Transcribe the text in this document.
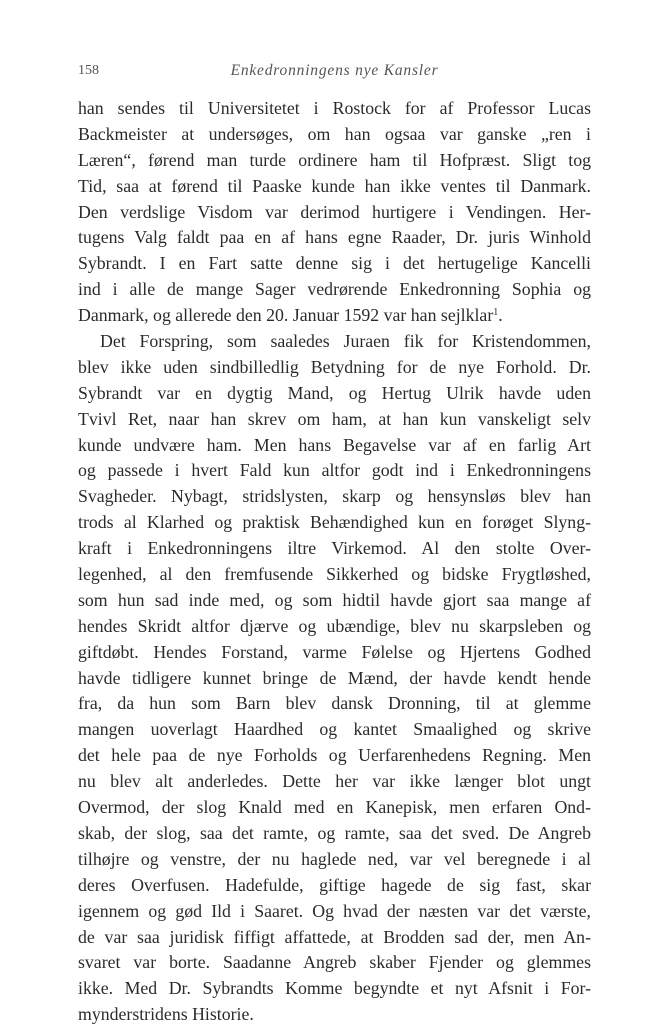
158	Enkedronningens nye Kansler
han sendes til Universitetet i Rostock for af Professor Lucas
Backmeister at undersøges, om han ogsaa var ganske „ren i
Læren“, førend man turde ordinere ham til Hofpræst. Sligt tog
Tid, saa at førend til Paaske kunde han ikke ventes til Danmark.
Den verdslige Visdom var derimod hurtigere i Vendingen. Her-
tugens Valg faldt paa en af hans egne Raader, Dr. juris Winhold
Sybrandt. I en Fart satte denne sig i det hertugelige Kancelli
ind i alle de mange Sager vedrørende Enkedronning Sophia og
Danmark, og allerede den 20. Januar 1592 var han sejlklar$^1$.
Det Forspring, som saaledes Juraen fik for Kristendommen,
blev ikke uden sindbilledlig Betydning for de nye Forhold. Dr.
Sybrandt var en dygtig Mand, og Hertug Ulrik havde uden
Tvivl Ret, naar han skrev om ham, at han kun vanskeligt selv
kunde undvære ham. Men hans Begavelse var af en farlig Art
og passede i hvert Fald kun altfor godt ind i Enkedronningens
Svagheder. Nybagt, stridslysten, skarp og hensynsløs blev han
trods al Klarhed og praktisk Behændighed kun en forøget Slyng-
kraft i Enkedronningens iltre Virkemod. Al den stolte Over-
legenhed, al den fremfusende Sikkerhed og bidske Frygtløshed,
som hun sad inde med, og som hidtil havde gjort saa mange af
hendes Skridt altfor djærve og ubændige, blev nu skarpsleben og
giftdøbt. Hendes Forstand, varme Følelse og Hjertens Godhed
havde tidligere kunnet bringe de Mænd, der havde kendt hende
fra, da hun som Barn blev dansk Dronning, til at glemme
mangen uoverlagt Haardhed og kantet Smaalighed og skrive
det hele paa de nye Forholds og Uerfarenhedens Regning. Men
nu blev alt anderledes. Dette her var ikke længer blot ungt
Overmod, der slog Knald med en Kanepisk, men erfaren Ond-
skab, der slog, saa det ramte, og ramte, saa det sved. De Angreb
tilhøjre og venstre, der nu haglede ned, var vel beregnede i al
deres Overfusen. Hadefulde, giftige hagede de sig fast, skar
igennem og gød Ild i Saaret. Og hvad der næsten var det værste,
de var saa juridisk fiffigt affattede, at Brodden sad der, men An-
svaret var borte. Saadanne Angreb skaber Fjender og glemmes
ikke. Med Dr. Sybrandts Komme begyndte et nyt Afsnit i For-
mynderstridens Historie.
